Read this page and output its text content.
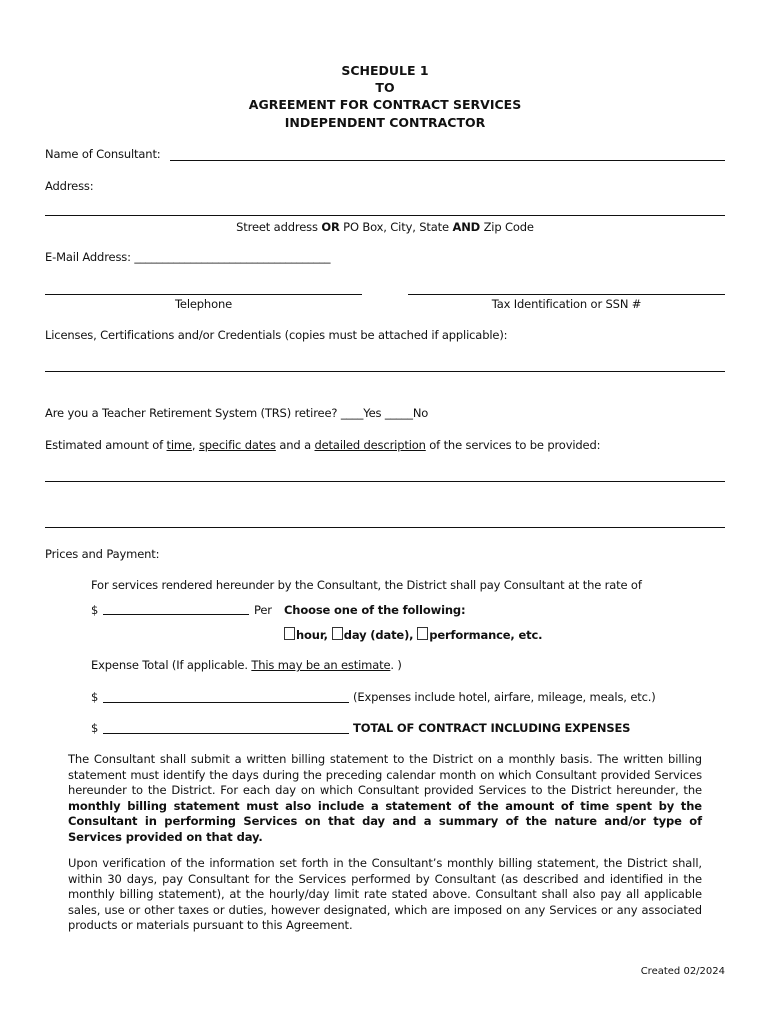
SCHEDULE 1
TO
AGREEMENT FOR CONTRACT SERVICES
INDEPENDENT CONTRACTOR
Name of Consultant:
Address:
Street address OR PO Box, City, State AND Zip Code
E-Mail Address: ___________________________________
Telephone	Tax Identification or SSN #
Licenses, Certifications and/or Credentials (copies must be attached if applicable):
Are you a Teacher Retirement System (TRS) retiree? ____Yes _____No
Estimated amount of time, specific dates and a detailed description of the services to be provided:
Prices and Payment:
For services rendered hereunder by the Consultant, the District shall pay Consultant at the rate of
$	Per Choose one of the following:
hour, day (date), performance, etc.
Expense Total (If applicable. This may be an estimate. )
$	(Expenses include hotel, airfare, mileage, meals, etc.)
$	TOTAL OF CONTRACT INCLUDING EXPENSES
The Consultant shall submit a written billing statement to the District on a monthly basis. The written billing statement must identify the days during the preceding calendar month on which Consultant provided Services hereunder to the District. For each day on which Consultant provided Services to the District hereunder, the monthly billing statement must also include a statement of the amount of time spent by the Consultant in performing Services on that day and a summary of the nature and/or type of Services provided on that day.
Upon verification of the information set forth in the Consultant’s monthly billing statement, the District shall, within 30 days, pay Consultant for the Services performed by Consultant (as described and identified in the monthly billing statement), at the hourly/day limit rate stated above. Consultant shall also pay all applicable sales, use or other taxes or duties, however designated, which are imposed on any Services or any associated products or materials pursuant to this Agreement.
Created 02/2024
